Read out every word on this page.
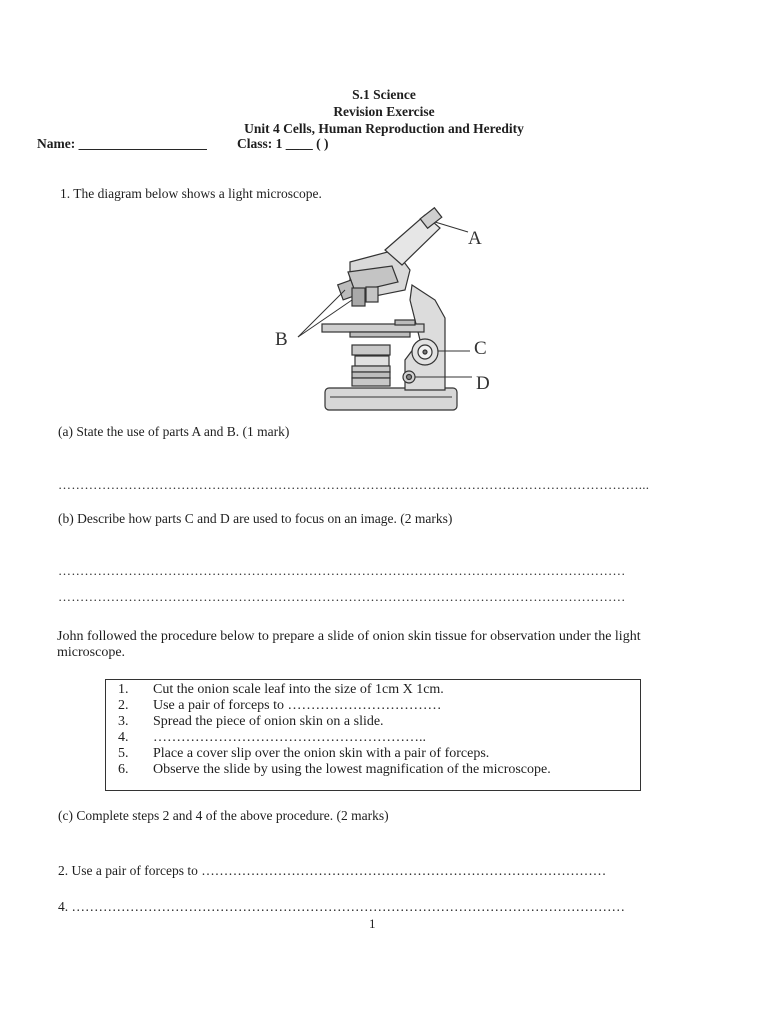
S.1 Science
Revision Exercise
Unit 4 Cells, Human Reproduction and Heredity
Name: ___________________ Class: 1 ____ ( )
1. The diagram below shows a light microscope.
A
B	C
D
(a) State the use of parts A and B. (1 mark)
……………………………………………………………………………………………………………………...
(b) Describe how parts C and D are used to focus on an image. (2 marks)
…………………………………………………………………………………………………………………
…………………………………………………………………………………………………………………
John followed the procedure below to prepare a slide of onion skin tissue for observation under the light
microscope.
1. Cut the onion scale leaf into the size of 1cm X 1cm.
2. Use a pair of forceps to ……………………………
3. Spread the piece of onion skin on a slide.
4. …………………………………………………..
5. Place a cover slip over the onion skin with a pair of forceps.
6. Observe the slide by using the lowest magnification of the microscope.
(c) Complete steps 2 and 4 of the above procedure. (2 marks)
2. Use a pair of forceps to ………………………………………………………………………………
4. ……………………………………………………………………………………………………………
1
